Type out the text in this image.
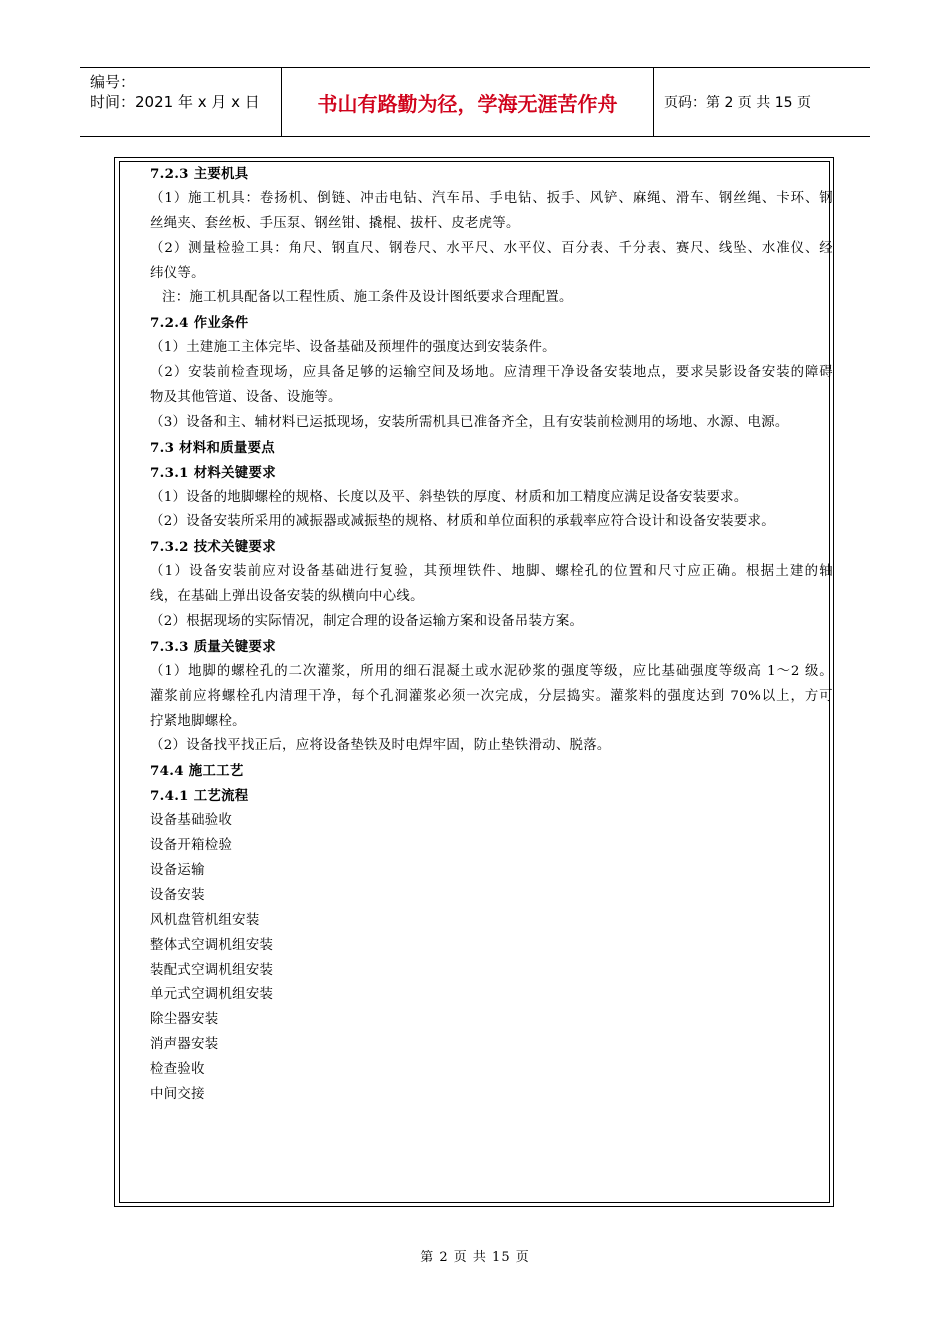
编号：
时间：2021 年 x 月 x 日	书山有路勤为径，学海无涯苦作舟	页码：第 2 页 共 15 页
7.2.3 主要机具
（1）施工机具：卷扬机、倒链、冲击电钻、汽车吊、手电钻、扳手、风铲、麻绳、滑车、钢丝绳、卡环、钢
丝绳夹、套丝板、手压泵、钢丝钳、撬棍、拔杆、皮老虎等。
（2）测量检验工具：角尺、钢直尺、钢卷尺、水平尺、水平仪、百分表、千分表、赛尺、线坠、水准仪、经
纬仪等。
注：施工机具配备以工程性质、施工条件及设计图纸要求合理配置。
7.2.4 作业条件
（1）土建施工主体完毕、设备基础及预埋件的强度达到安装条件。
（2）安装前检查现场，应具备足够的运输空间及场地。应清理干净设备安装地点，要求吴影设备安装的障碍
物及其他管道、设备、设施等。
（3）设备和主、辅材料已运抵现场，安装所需机具已准备齐全，且有安装前检测用的场地、水源、电源。
7.3 材料和质量要点
7.3.1 材料关键要求
（1）设备的地脚螺栓的规格、长度以及平、斜垫铁的厚度、材质和加工精度应满足设备安装要求。
（2）设备安装所采用的减振器或减振垫的规格、材质和单位面积的承载率应符合设计和设备安装要求。
7.3.2 技术关键要求
（1）设备安装前应对设备基础进行复验，其预埋铁件、地脚、螺栓孔的位置和尺寸应正确。根据土建的轴
线，在基础上弹出设备安装的纵横向中心线。
（2）根据现场的实际情况，制定合理的设备运输方案和设备吊装方案。
7.3.3 质量关键要求
（1）地脚的螺栓孔的二次灌浆，所用的细石混凝土或水泥砂浆的强度等级，应比基础强度等级高 1～2 级。
灌浆前应将螺栓孔内清理干净，每个孔洞灌浆必须一次完成，分层捣实。灌浆料的强度达到 70%以上，方可
拧紧地脚螺栓。
（2）设备找平找正后，应将设备垫铁及时电焊牢固，防止垫铁滑动、脱落。
74.4 施工工艺
7.4.1 工艺流程
设备基础验收
设备开箱检验
设备运输
设备安装
风机盘管机组安装
整体式空调机组安装
装配式空调机组安装
单元式空调机组安装
除尘器安装
消声器安装
检查验收
中间交接
第 2 页 共 15 页
